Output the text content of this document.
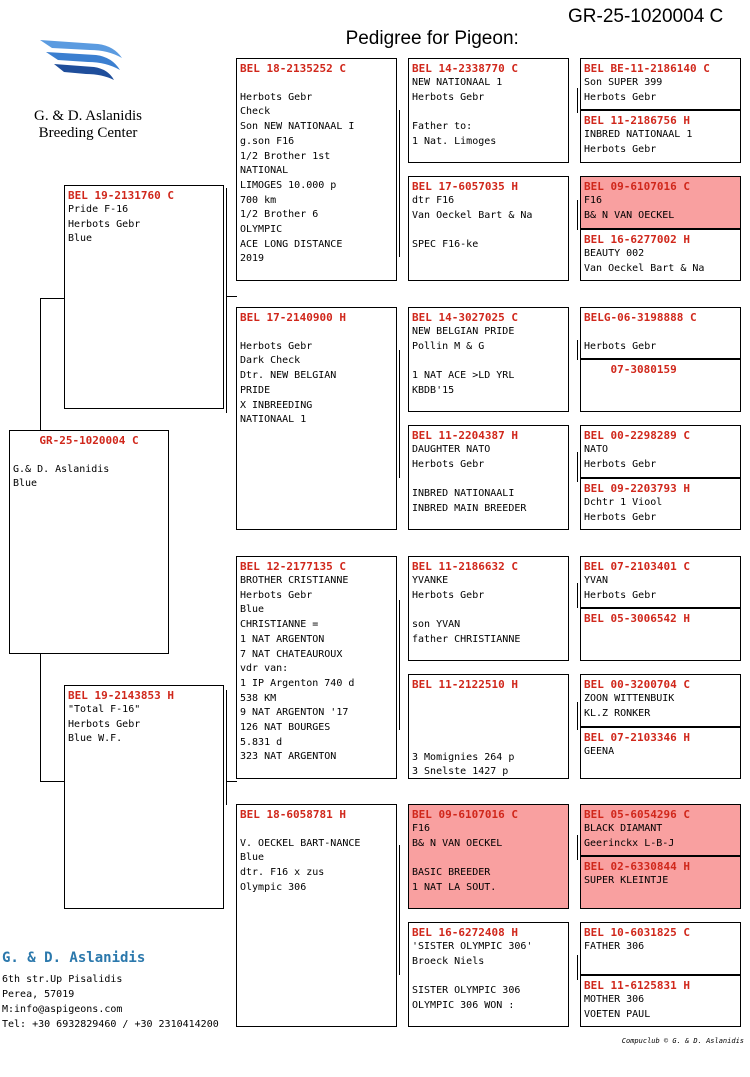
Pedigree for Pigeon:

GR-25-1020004 C

G. & D. Aslanidis
Breeding Center
GR-25-1020004 C
G.& D. Aslanidis
Blue
BEL 19-2131760 C
Pride F-16
Herbots Gebr
Blue
BEL 19-2143853 H
"Total F-16"
Herbots Gebr
Blue W.F.
BEL 18-2135252 C
Herbots Gebr
Check
Son NEW NATIONAAL I
g.son F16
1/2 Brother 1st
NATIONAL
LIMOGES 10.000 p
700 km
1/2 Brother 6
OLYMPIC
ACE LONG DISTANCE
2019
BEL 17-2140900 H
Herbots Gebr
Dark Check
Dtr. NEW BELGIAN
PRIDE
X INBREEDING
NATIONAAL 1
BEL 12-2177135 C
BROTHER CRISTIANNE
Herbots Gebr
Blue
CHRISTIANNE =
1 NAT ARGENTON
7 NAT CHATEAUROUX
vdr van:
1 IP Argenton 740 d
538 KM
9 NAT ARGENTON '17
126 NAT BOURGES
5.831 d
323 NAT ARGENTON
BEL 18-6058781 H
V. OECKEL BART-NANCE
Blue
dtr. F16 x zus
Olympic 306
BEL 14-2338770 C
NEW NATIONAAL 1
Herbots Gebr
Father to:
1 Nat. Limoges
BEL 17-6057035 H
dtr F16
Van Oeckel Bart & Na
SPEC F16-ke
BEL 14-3027025 C
NEW BELGIAN PRIDE
Pollin M & G
1 NAT ACE >LD YRL
KBDB'15
BEL 11-2204387 H
DAUGHTER NATO
Herbots Gebr
INBRED NATIONAALI
INBRED MAIN BREEDER
BEL 11-2186632 C
YVANKE
Herbots Gebr
son YVAN
father CHRISTIANNE
BEL 11-2122510 H
3 Momignies 264 p
3 Snelste 1427 p
BEL 09-6107016 C
F16
B& N VAN OECKEL
BASIC BREEDER
1 NAT LA SOUT.
BEL 16-6272408 H
'SISTER OLYMPIC 306'
Broeck Niels
SISTER OLYMPIC 306
OLYMPIC 306 WON :
BEL BE-11-2186140 C
Son SUPER 399
Herbots Gebr
BEL 11-2186756 H
INBRED NATIONAAL 1
Herbots Gebr
BEL 09-6107016 C
F16
B& N VAN OECKEL
BEL 16-6277002 H
BEAUTY 002
Van Oeckel Bart & Na
BELG-06-3198888 C
Herbots Gebr
07-3080159
BEL 00-2298289 C
NATO
Herbots Gebr
BEL 09-2203793 H
Dchtr 1 Viool
Herbots Gebr
BEL 07-2103401 C
YVAN
Herbots Gebr
BEL 05-3006542 H
BEL 00-3200704 C
ZOON WITTENBUIK
KL.Z RONKER
BEL 07-2103346 H
GEENA
BEL 05-6054296 C
BLACK DIAMANT
Geerinckx L-B-J
BEL 02-6330844 H
SUPER KLEINTJE
BEL 10-6031825 C
FATHER 306
BEL 11-6125831 H
MOTHER 306
VOETEN PAUL
G. & D. Aslanidis
6th str.Up Pisalidis
Perea, 57019
M:info@aspigeons.com
Tel: +30 6932829460 / +30 2310414200
Compuclub © G. & D. Aslanidis
